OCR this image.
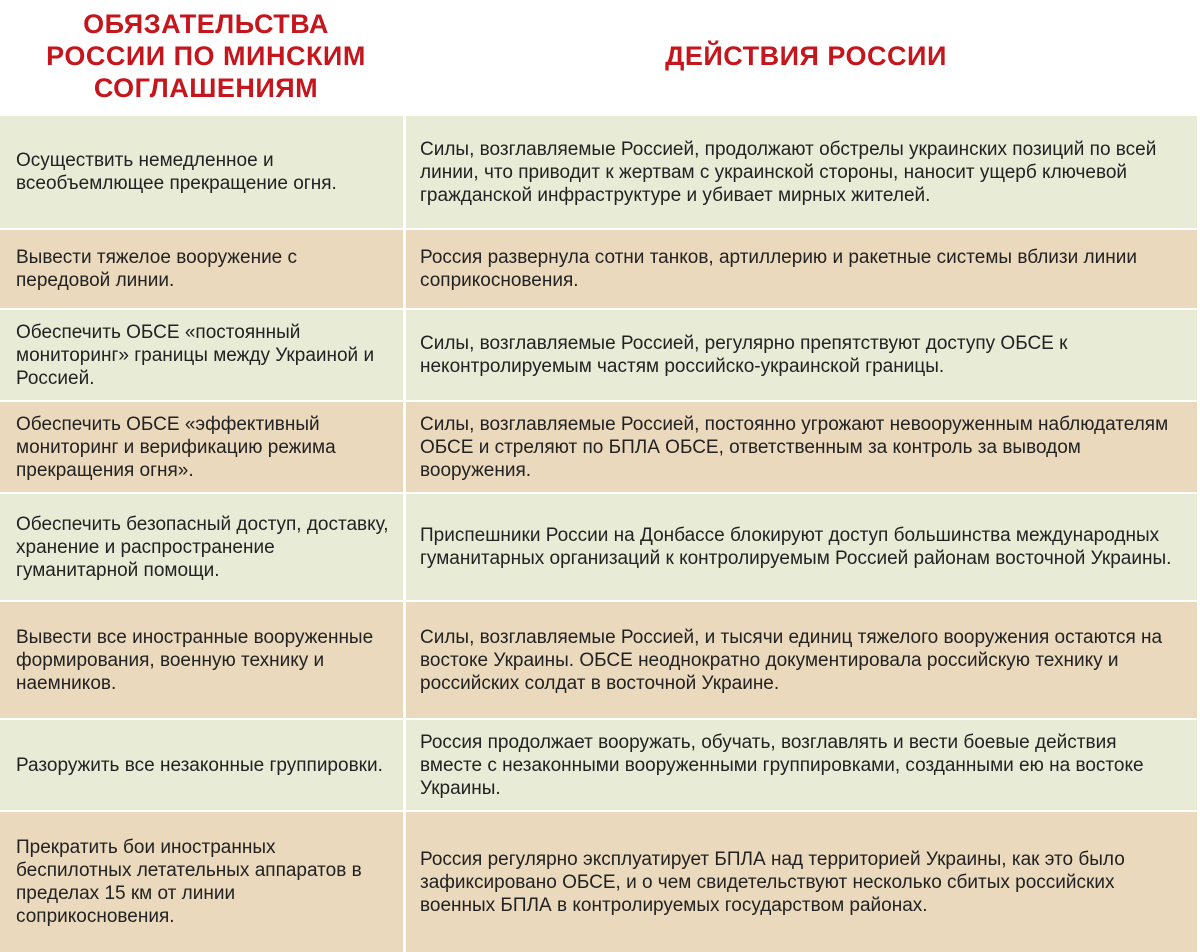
ОБЯЗАТЕЛЬСТВА
РОССИИ ПО МИНСКИМ
СОГЛАШЕНИЯМ
ДЕЙСТВИЯ РОССИИ
Осуществить немедленное и всеобъемлющее прекращение огня.
Силы, возглавляемые Россией, продолжают обстрелы украинских позиций по всей линии, что приводит к жертвам с украинской стороны, наносит ущерб ключевой гражданской инфраструктуре и убивает мирных жителей.
Вывести тяжелое вооружение с передовой линии.
Россия развернула сотни танков, артиллерию и ракетные системы вблизи линии соприкосновения.
Обеспечить ОБСЕ «постоянный мониторинг» границы между Украиной и Россией.
Силы, возглавляемые Россией, регулярно препятствуют доступу ОБСЕ к неконтролируемым частям российско-украинской границы.
Обеспечить ОБСЕ «эффективный мониторинг и верификацию режима прекращения огня».
Силы, возглавляемые Россией, постоянно угрожают невооруженным наблюдателям ОБСЕ и стреляют по БПЛА ОБСЕ, ответственным за контроль за выводом вооружения.
Обеспечить безопасный доступ, доставку, хранение и распространение гуманитарной помощи.
Приспешники России на Донбассе блокируют доступ большинства международных гуманитарных организаций к контролируемым Россией районам восточной Украины.
Вывести все иностранные вооруженные формирования, военную технику и наемников.
Силы, возглавляемые Россией, и тысячи единиц тяжелого вооружения остаются на востоке Украины. ОБСЕ неоднократно документировала российскую технику и российских солдат в восточной Украине.
Разоружить все незаконные группировки.
Россия продолжает вооружать, обучать, возглавлять и вести боевые действия вместе с незаконными вооруженными группировками, созданными ею на востоке Украины.
Прекратить бои иностранных беспилотных летательных аппаратов в пределах 15 км от линии соприкосновения.
Россия регулярно эксплуатирует БПЛА над территорией Украины, как это было зафиксировано ОБСЕ, и о чем свидетельствуют несколько сбитых российских военных БПЛА в контролируемых государством районах.
